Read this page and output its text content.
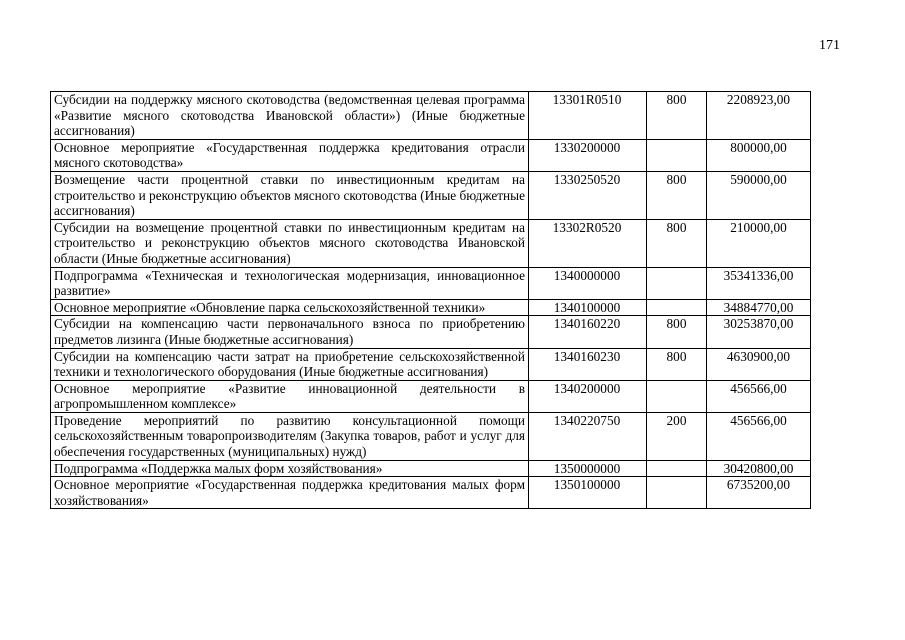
171
Субсидии на поддержку мясного скотоводства (ведомственная целевая программа «Развитие мясного скотоводства Ивановской области») (Иные бюджетные ассигнования)	13301R0510	800	2208923,00
Основное мероприятие «Государственная поддержка кредитования отрасли мясного скотоводства»	1330200000		800000,00
Возмещение части процентной ставки по инвестиционным кредитам на строительство и реконструкцию объектов мясного скотоводства (Иные бюджетные ассигнования)	1330250520	800	590000,00
Субсидии на возмещение процентной ставки по инвестиционным кредитам на строительство и реконструкцию объектов мясного скотоводства Ивановской области (Иные бюджетные ассигнования)	13302R0520	800	210000,00
Подпрограмма «Техническая и технологическая модернизация, инновационное развитие»	1340000000		35341336,00
Основное мероприятие «Обновление парка сельскохозяйственной техники»	1340100000		34884770,00
Субсидии на компенсацию части первоначального взноса по приобретению предметов лизинга (Иные бюджетные ассигнования)	1340160220	800	30253870,00
Субсидии на компенсацию части затрат на приобретение сельскохозяйственной техники и технологического оборудования (Иные бюджетные ассигнования)	1340160230	800	4630900,00
Основное мероприятие «Развитие инновационной деятельности в агропромышленном комплексе»	1340200000		456566,00
Проведение мероприятий по развитию консультационной помощи сельскохозяйственным товаропроизводителям (Закупка товаров, работ и услуг для обеспечения государственных (муниципальных) нужд)	1340220750	200	456566,00
Подпрограмма «Поддержка малых форм хозяйствования»	1350000000		30420800,00
Основное мероприятие «Государственная поддержка кредитования малых форм хозяйствования»	1350100000		6735200,00
